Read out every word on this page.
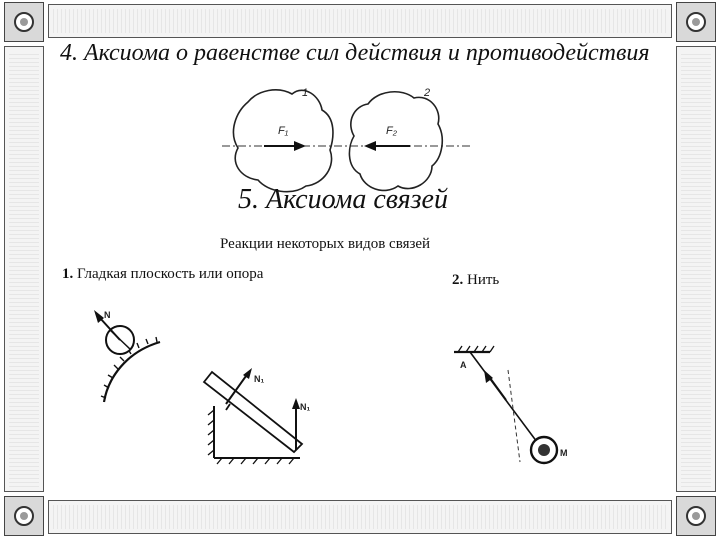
4. Аксиома о равенстве сил действия и противодействия
1	2
F₁	F₂
5. Аксиома связей
Реакции некоторых видов связей
1. Гладкая плоскость или опора	2. Нить
N
N₁
N₁
A
M
